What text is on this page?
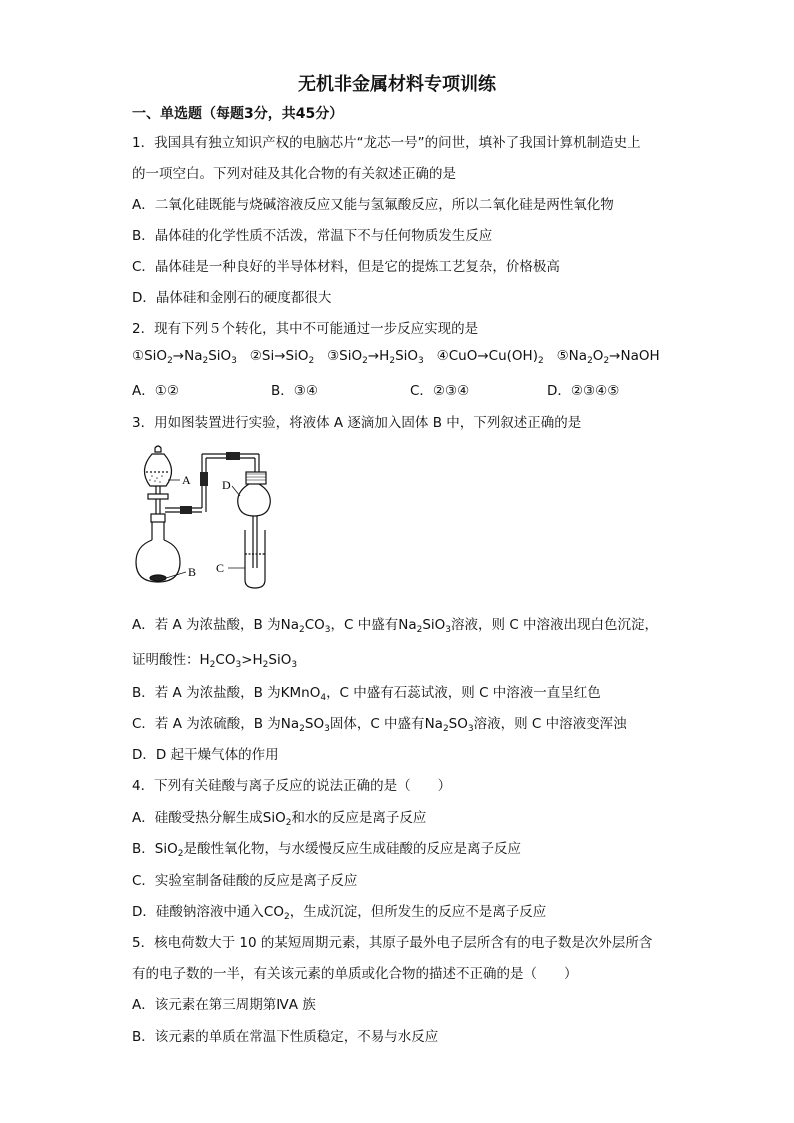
无机非金属材料专项训练
一、单选题（每题3分，共45分）
1．我国具有独立知识产权的电脑芯片“龙芯一号”的问世，填补了我国计算机制造史上
的一项空白。下列对硅及其化合物的有关叙述正确的是
A．二氧化硅既能与烧碱溶液反应又能与氢氟酸反应，所以二氧化硅是两性氧化物
B．晶体硅的化学性质不活泼，常温下不与任何物质发生反应
C．晶体硅是一种良好的半导体材料，但是它的提炼工艺复杂，价格极高
D．晶体硅和金刚石的硬度都很大
2．现有下列５个转化，其中不可能通过一步反应实现的是
$①SiO_2\to Na_2SiO_3$ ②Si→SiO$_2$ $③SiO_2\to H_2SiO_3$ $④CuO\to Cu(OH)_2$ $⑤Na_2O_2\to NaOH$
A．①②	B．③④	C．②③④	D．②③④⑤
3．用如图装置进行实验，将液体 A 逐滴加入固体 B 中，下列叙述正确的是
A
B C
D
A．若 A 为浓盐酸，B 为$Na_2CO_3$，C 中盛有$Na_2SiO_3$溶液，则 C 中溶液出现白色沉淀，
证明酸性：$H_2CO_3>H_2SiO_3$
B．若 A 为浓盐酸，B 为KMnO$_4$，C 中盛有石蕊试液，则 C 中溶液一直呈红色
C．若 A 为浓硫酸，B 为$Na_2SO_3$固体，C 中盛有$Na_2SO_3$溶液，则 C 中溶液变浑浊
D．D 起干燥气体的作用
4．下列有关硅酸与离子反应的说法正确的是（　　）
A．硅酸受热分解生成SiO$_2$和水的反应是离子反应
B．SiO$_2$是酸性氧化物，与水缓慢反应生成硅酸的反应是离子反应
C．实验室制备硅酸的反应是离子反应
D．硅酸钠溶液中通入$CO_2$，生成沉淀，但所发生的反应不是离子反应
5．核电荷数大于 10 的某短周期元素，其原子最外电子层所含有的电子数是次外层所含
有的电子数的一半，有关该元素的单质或化合物的描述不正确的是（　　）
A．该元素在第三周期第ⅣA 族
B．该元素的单质在常温下性质稳定，不易与水反应
